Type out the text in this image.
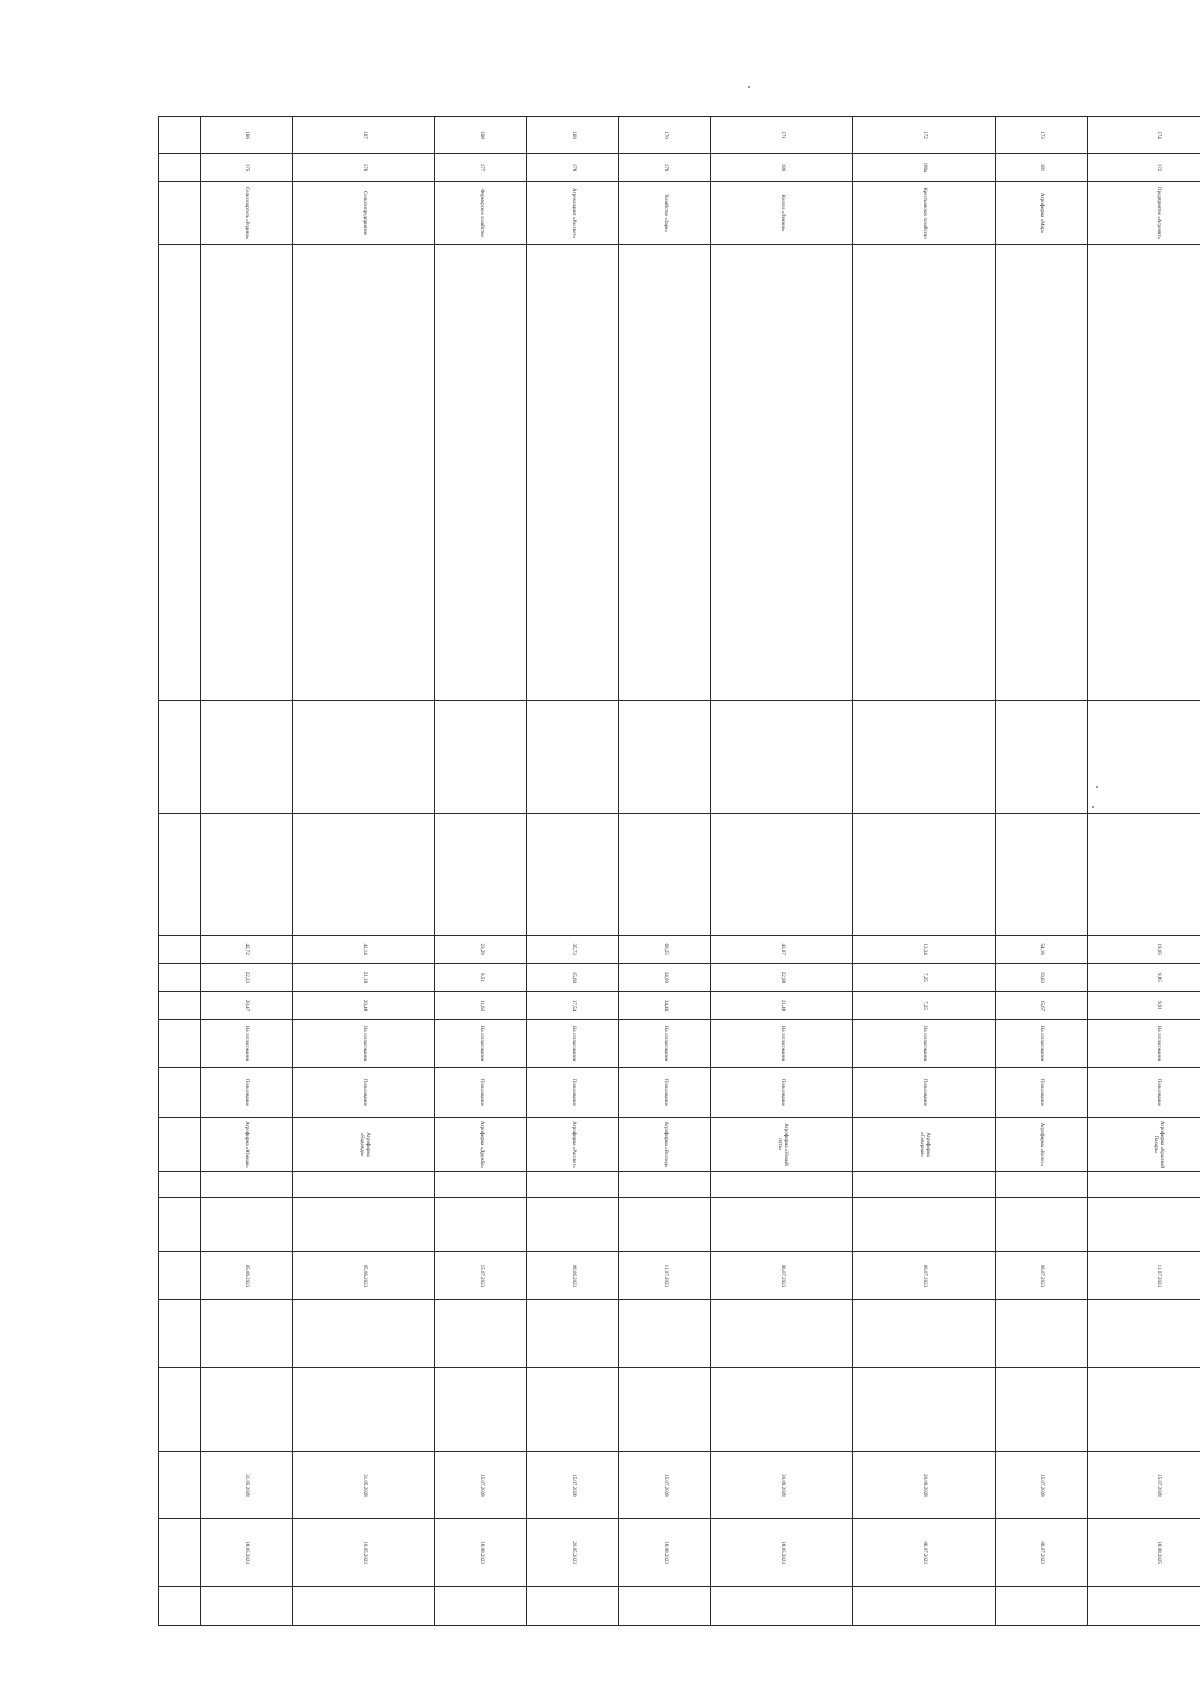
174	172	Предприятие «Агровит»				19,05	9,85	9,91	На согласовании	Пользование	Агрофирма «Красный Пахарь»			11.07.2023			15.07.2028	18.08.2025	
173	181	Агрофирма «Мир»				54,16	19,63	15,67	На согласовании	Пользование	Агрофирма «Колос»			06.07.2023			15.07.2028	06.07.2023	
172	180а	Крестьянское хозяйство				13,34	7,25	7,25	На согласовании	Пользование	Агрофирма «Северная»			06.07.2023			20.09.2028	06.07.2023	
171	180	Колхоз «Ленина»				43,07	22,98	21,48	На согласовании	Пользование	Агрофирма «Новый путь»			06.07.2023			30.09.2028	18.05.2023	
170	179	Хозяйство «Заря»				69,25	34,90	34,46	На согласовании	Пользование	Агрофирма «Восход»			11.07.2023			15.07.2028	18.08.2023	
169	178	Агрохолдинг «Рассвет»				35,73	15,69	17,54	На согласовании	Пользование	Агрофирма «Рассвет»			08.06.2023			15.07.2028	20.05.2023	
168	177	Фермерское хозяйство				23,29	9,51	11,63	На согласовании	Пользование	Агрофирма «Дружба»			15.07.2023			15.07.2028	18.08.2023	
167	176	Сельхозпредприятие				42,14	21,18	20,48	На согласовании	Пользование	Агрофирма «Надежда»			05.06.2023			31.05.2028	19.05.2023	
166	175	Сельхозартель «Родина»				42,72	22,23	20,47	На согласовании	Пользование	Агрофирма «Южная»			05.06.2023			31.05.2028	18.05.2023	
